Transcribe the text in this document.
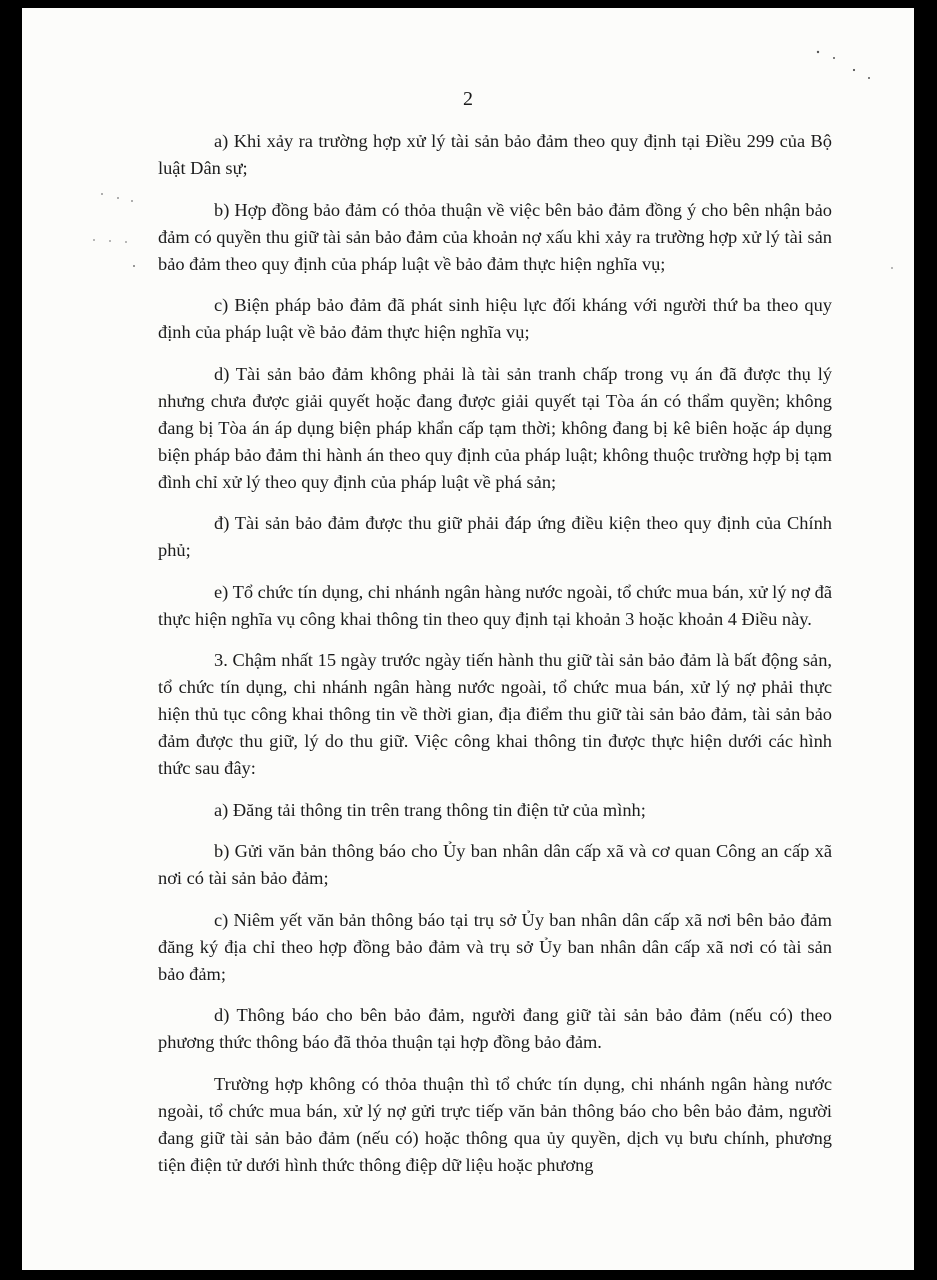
2

a) Khi xảy ra trường hợp xử lý tài sản bảo đảm theo quy định tại Điều 299 của Bộ luật Dân sự;

b) Hợp đồng bảo đảm có thỏa thuận về việc bên bảo đảm đồng ý cho bên nhận bảo đảm có quyền thu giữ tài sản bảo đảm của khoản nợ xấu khi xảy ra trường hợp xử lý tài sản bảo đảm theo quy định của pháp luật về bảo đảm thực hiện nghĩa vụ;

c) Biện pháp bảo đảm đã phát sinh hiệu lực đối kháng với người thứ ba theo quy định của pháp luật về bảo đảm thực hiện nghĩa vụ;

d) Tài sản bảo đảm không phải là tài sản tranh chấp trong vụ án đã được thụ lý nhưng chưa được giải quyết hoặc đang được giải quyết tại Tòa án có thẩm quyền; không đang bị Tòa án áp dụng biện pháp khẩn cấp tạm thời; không đang bị kê biên hoặc áp dụng biện pháp bảo đảm thi hành án theo quy định của pháp luật; không thuộc trường hợp bị tạm đình chỉ xử lý theo quy định của pháp luật về phá sản;

đ) Tài sản bảo đảm được thu giữ phải đáp ứng điều kiện theo quy định của Chính phủ;

e) Tổ chức tín dụng, chi nhánh ngân hàng nước ngoài, tổ chức mua bán, xử lý nợ đã thực hiện nghĩa vụ công khai thông tin theo quy định tại khoản 3 hoặc khoản 4 Điều này.

3. Chậm nhất 15 ngày trước ngày tiến hành thu giữ tài sản bảo đảm là bất động sản, tổ chức tín dụng, chi nhánh ngân hàng nước ngoài, tổ chức mua bán, xử lý nợ phải thực hiện thủ tục công khai thông tin về thời gian, địa điểm thu giữ tài sản bảo đảm, tài sản bảo đảm được thu giữ, lý do thu giữ. Việc công khai thông tin được thực hiện dưới các hình thức sau đây:

a) Đăng tải thông tin trên trang thông tin điện tử của mình;

b) Gửi văn bản thông báo cho Ủy ban nhân dân cấp xã và cơ quan Công an cấp xã nơi có tài sản bảo đảm;

c) Niêm yết văn bản thông báo tại trụ sở Ủy ban nhân dân cấp xã nơi bên bảo đảm đăng ký địa chỉ theo hợp đồng bảo đảm và trụ sở Ủy ban nhân dân cấp xã nơi có tài sản bảo đảm;

d) Thông báo cho bên bảo đảm, người đang giữ tài sản bảo đảm (nếu có) theo phương thức thông báo đã thỏa thuận tại hợp đồng bảo đảm.

Trường hợp không có thỏa thuận thì tổ chức tín dụng, chi nhánh ngân hàng nước ngoài, tổ chức mua bán, xử lý nợ gửi trực tiếp văn bản thông báo cho bên bảo đảm, người đang giữ tài sản bảo đảm (nếu có) hoặc thông qua ủy quyền, dịch vụ bưu chính, phương tiện điện tử dưới hình thức thông điệp dữ liệu hoặc phương
